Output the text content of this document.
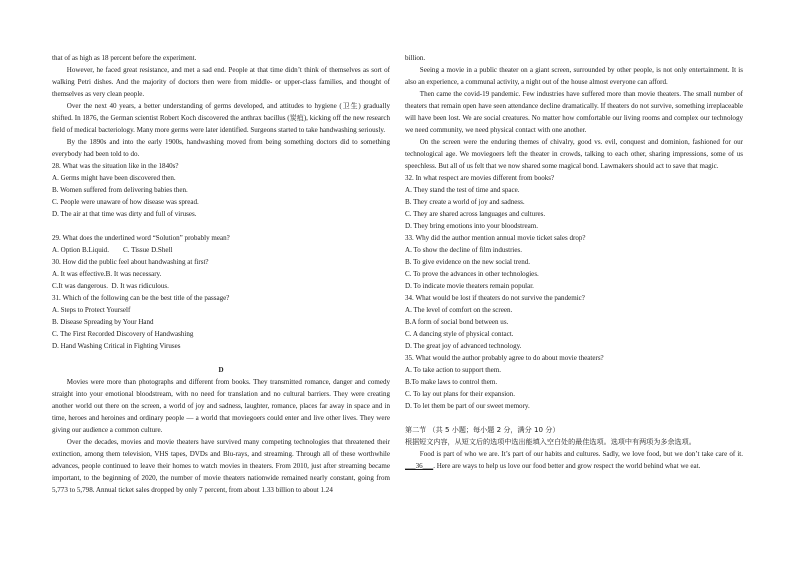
that of as high as 18 percent before the experiment.

However, he faced great resistance, and met a sad end. People at that time didn’t think of themselves as sort of walking Petri dishes. And the majority of doctors then were from middle- or upper-class families, and thought of themselves as very clean people.

Over the next 40 years, a better understanding of germs developed, and attitudes to hygiene (卫生) gradually shifted. In 1876, the German scientist Robert Koch discovered the anthrax bacillus (炭疽), kicking off the new research field of medical bacteriology. Many more germs were later identified. Surgeons started to take handwashing seriously.

By the 1890s and into the early 1900s, handwashing moved from being something doctors did to something everybody had been told to do.

28. What was the situation like in the 1840s?

A. Germs might have been discovered then.

B. Women suffered from delivering babies then.

C. People were unaware of how disease was spread.

D. The air at that time was dirty and full of viruses.

29. What does the underlined word “Solution” probably mean?

A. Option B.Liquid.        C. Tissue D.Shell

30. How did the public feel about handwashing at first?

A. It was effective.B. It was necessary.

C.It was dangerous.  D. It was ridiculous.

31. Which of the following can be the best title of the passage?

A. Steps to Protect Yourself

B. Disease Spreading by Your Hand

C. The First Recorded Discovery of Handwashing

D. Hand Washing Critical in Fighting Viruses

D

Movies were more than photographs and different from books. They transmitted romance, danger and comedy straight into your emotional bloodstream, with no need for translation and no cultural barriers. They were creating another world out there on the screen, a world of joy and sadness, laughter, romance, places far away in space and in time, heroes and heroines and ordinary people — a world that moviegoers could enter and live other lives. They were giving our audience a common culture.

Over the decades, movies and movie theaters have survived many competing technologies that threatened their extinction, among them television, VHS tapes, DVDs and Blu-rays, and streaming. Through all of these worthwhile advances, people continued to leave their homes to watch movies in theaters. From 2010, just after streaming became important, to the beginning of 2020, the number of movie theaters nationwide remained nearly constant, going from 5,773 to 5,798. Annual ticket sales dropped by only 7 percent, from about 1.33 billion to about 1.24

billion.

Seeing a movie in a public theater on a giant screen, surrounded by other people, is not only entertainment. It is also an experience, a communal activity, a night out of the house almost everyone can afford.

Then came the covid-19 pandemic. Few industries have suffered more than movie theaters. The small number of theaters that remain open have seen attendance decline dramatically. If theaters do not survive, something irreplaceable will have been lost. We are social creatures. No matter how comfortable our living rooms and complex our technology we need community, we need physical contact with one another.

On the screen were the enduring themes of chivalry, good vs. evil, conquest and dominion, fashioned for our technological age. We moviegoers left the theater in crowds, talking to each other, sharing impressions, some of us speechless. But all of us felt that we now shared some magical bond. Lawmakers should act to save that magic.

32. In what respect are movies different from books?

A. They stand the test of time and space.

B. They create a world of joy and sadness.

C. They are shared across languages and cultures.

D. They bring emotions into your bloodstream.

33. Why did the author mention annual movie ticket sales drop?

A. To show the decline of film industries.

B. To give evidence on the new social trend.

C. To prove the advances in other technologies.

D. To indicate movie theaters remain popular.

34. What would be lost if theaters do not survive the pandemic?

A. The level of comfort on the screen.

B.A form of social bond between us.

C. A dancing style of physical contact.

D. The great joy of advanced technology.

35. What would the author probably agree to do about movie theaters?

A. To take action to support them.

B.To make laws to control them.

C. To lay out plans for their expansion.

D. To let them be part of our sweet memory.

第二节 （共 5 小题；每小题 2 分，满分 10 分）

根据短文内容，从短文后的选项中选出能填入空白处的最佳选项。选项中有两项为多余选项。

Food is part of who we are. It’s part of our habits and cultures. Sadly, we love food, but we don’t take care of it. ___36___. Here are ways to help us love our food better and grow respect the world behind what we eat.
